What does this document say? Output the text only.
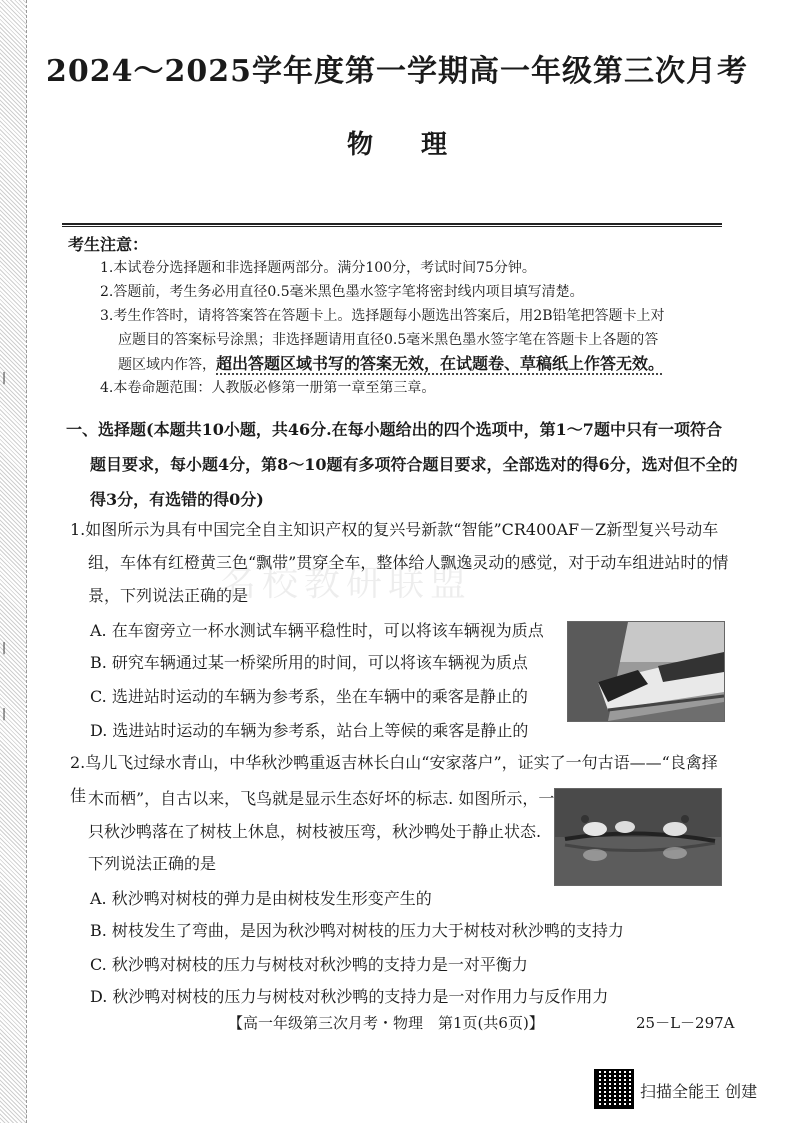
|
|
|
2024～2025学年度第一学期高一年级第三次月考
物理
考生注意：
1.本试卷分选择题和非选择题两部分。满分100分，考试时间75分钟。
2.答题前，考生务必用直径0.5毫米黑色墨水签字笔将密封线内项目填写清楚。
3.考生作答时，请将答案答在答题卡上。选择题每小题选出答案后，用2B铅笔把答题卡上对
应题目的答案标号涂黑；非选择题请用直径0.5毫米黑色墨水签字笔在答题卡上各题的答
题区域内作答，超出答题区域书写的答案无效，在试题卷、草稿纸上作答无效。
4.本卷命题范围：人教版必修第一册第一章至第三章。
一、选择题(本题共10小题，共46分.在每小题给出的四个选项中，第1～7题中只有一项符合
题目要求，每小题4分，第8～10题有多项符合题目要求，全部选对的得6分，选对但不全的
得3分，有选错的得0分)
名校教研联盟
1.如图所示为具有中国完全自主知识产权的复兴号新款“智能”CR400AF－Z新型复兴号动车
组，车体有红橙黄三色“飘带”贯穿全车，整体给人飘逸灵动的感觉，对于动车组进站时的情
景，下列说法正确的是
A. 在车窗旁立一杯水测试车辆平稳性时，可以将该车辆视为质点
B. 研究车辆通过某一桥梁所用的时间，可以将该车辆视为质点
C. 选进站时运动的车辆为参考系，坐在车辆中的乘客是静止的
D. 选进站时运动的车辆为参考系，站台上等候的乘客是静止的
2.鸟儿飞过绿水青山，中华秋沙鸭重返吉林长白山“安家落户”，证实了一句古语——“良禽择佳 木而栖”，自古以来，飞鸟就是显示生态好坏的标志. 如图所示，一
只秋沙鸭落在了树枝上休息，树枝被压弯，秋沙鸭处于静止状态.
下列说法正确的是
A. 秋沙鸭对树枝的弹力是由树枝发生形变产生的
B. 树枝发生了弯曲，是因为秋沙鸭对树枝的压力大于树枝对秋沙鸭的支持力
C. 秋沙鸭对树枝的压力与树枝对秋沙鸭的支持力是一对平衡力
D. 秋沙鸭对树枝的压力与树枝对秋沙鸭的支持力是一对作用力与反作用力
【高一年级第三次月考・物理　第1页(共6页)】	25－L－297A
扫描全能王 创建
